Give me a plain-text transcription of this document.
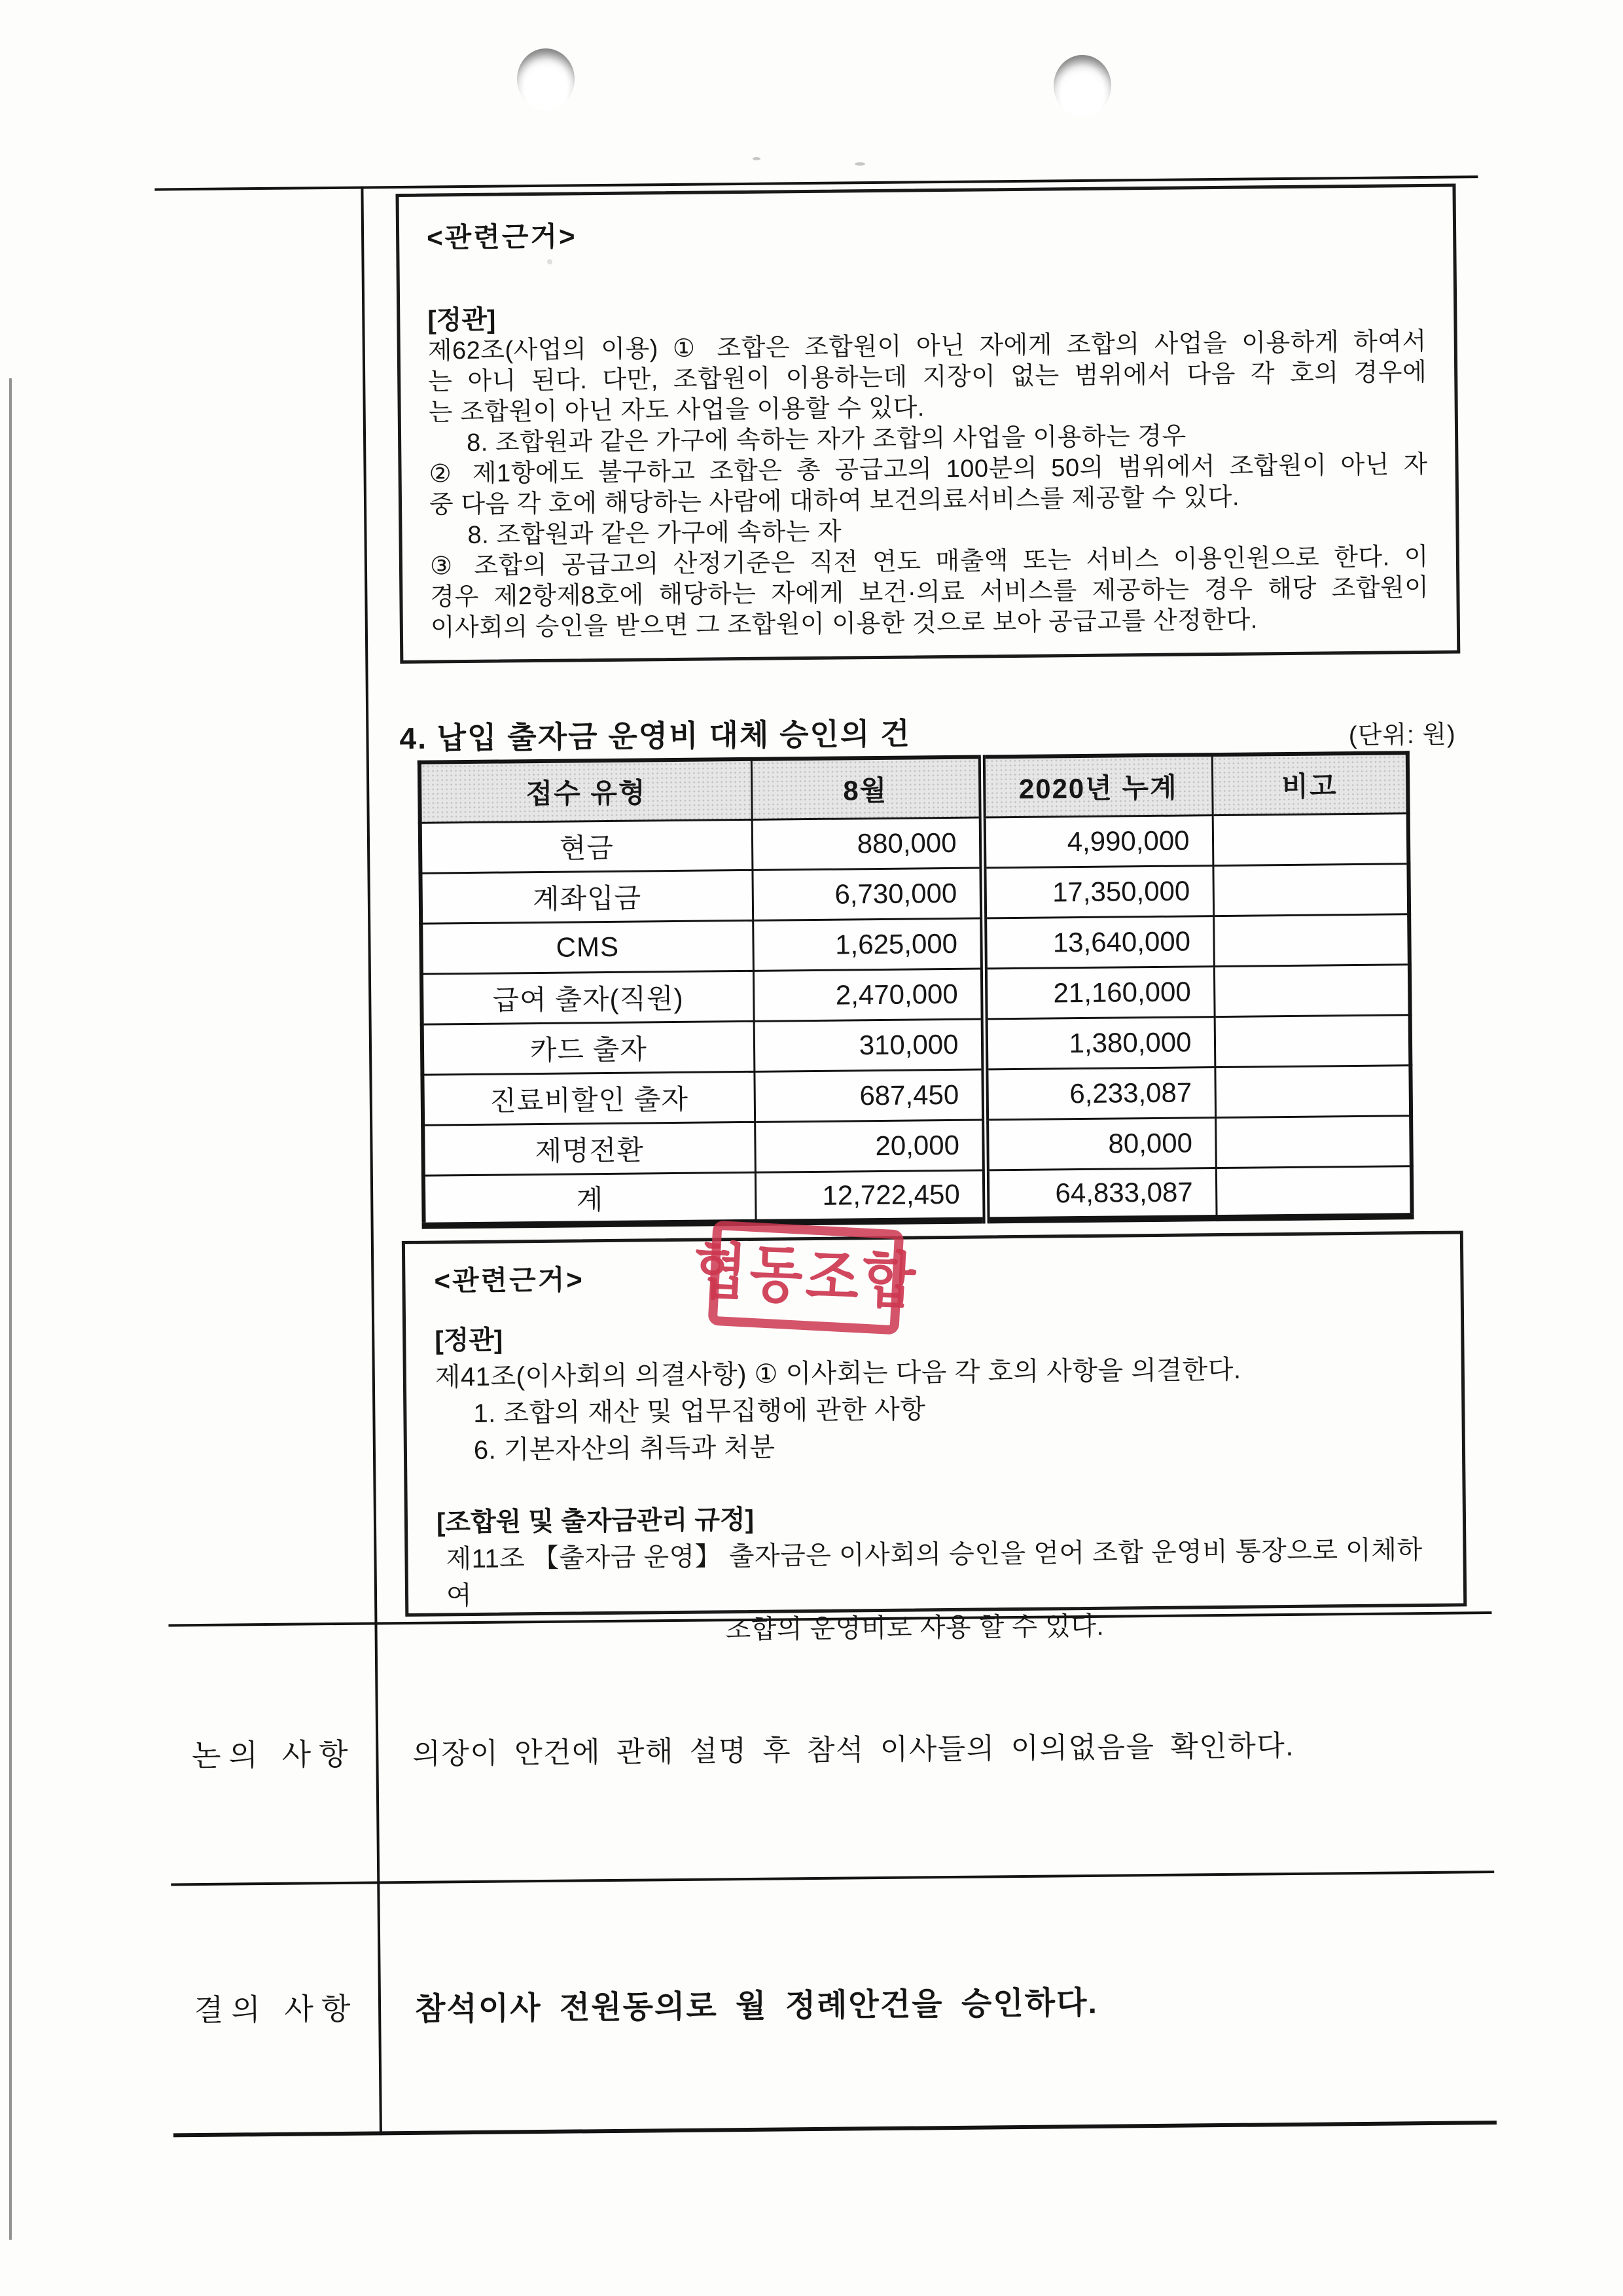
<관련근거>
[정관]
제62조(사업의 이용) ① 조합은 조합원이 아닌 자에게 조합의 사업을 이용하게 하여서
는 아니 된다. 다만, 조합원이 이용하는데 지장이 없는 범위에서 다음 각 호의 경우에
는 조합원이 아닌 자도 사업을 이용할 수 있다.
8. 조합원과 같은 가구에 속하는 자가 조합의 사업을 이용하는 경우
② 제1항에도 불구하고 조합은 총 공급고의 100분의 50의 범위에서 조합원이 아닌 자
중 다음 각 호에 해당하는 사람에 대하여 보건의료서비스를 제공할 수 있다.
8. 조합원과 같은 가구에 속하는 자
③ 조합의 공급고의 산정기준은 직전 연도 매출액 또는 서비스 이용인원으로 한다. 이
경우 제2항제8호에 해당하는 자에게 보건·의료 서비스를 제공하는 경우 해당 조합원이
이사회의 승인을 받으면 그 조합원이 이용한 것으로 보아 공급고를 산정한다.
4. 납입 출자금 운영비 대체 승인의 건	(단위: 원)
접수 유형	8월	2020년 누계	비고
현금	880,000	4,990,000	
계좌입금	6,730,000	17,350,000	
CMS	1,625,000	13,640,000	
급여 출자(직원)	2,470,000	21,160,000	
카드 출자	310,000	1,380,000	
진료비할인 출자	687,450	6,233,087	
제명전환	20,000	80,000	
계	12,722,450	64,833,087	
<관련근거>
[정관]
제41조(이사회의 의결사항) ① 이사회는 다음 각 호의 사항을 의결한다.
1. 조합의 재산 및 업무집행에 관한 사항
6. 기본자산의 취득과 처분
[조합원 및 출자금관리 규정]
제11조 【출자금 운영】 출자금은 이사회의 승인을 얻어 조합 운영비 통장으로 이체하여
조합의 운영비로 사용 할 수 있다.
협동조합
논의 사항	의장이 안건에 관해 설명 후 참석 이사들의 이의없음을 확인하다.
결의 사항	참석이사 전원동의로 월 정례안건을 승인하다.
